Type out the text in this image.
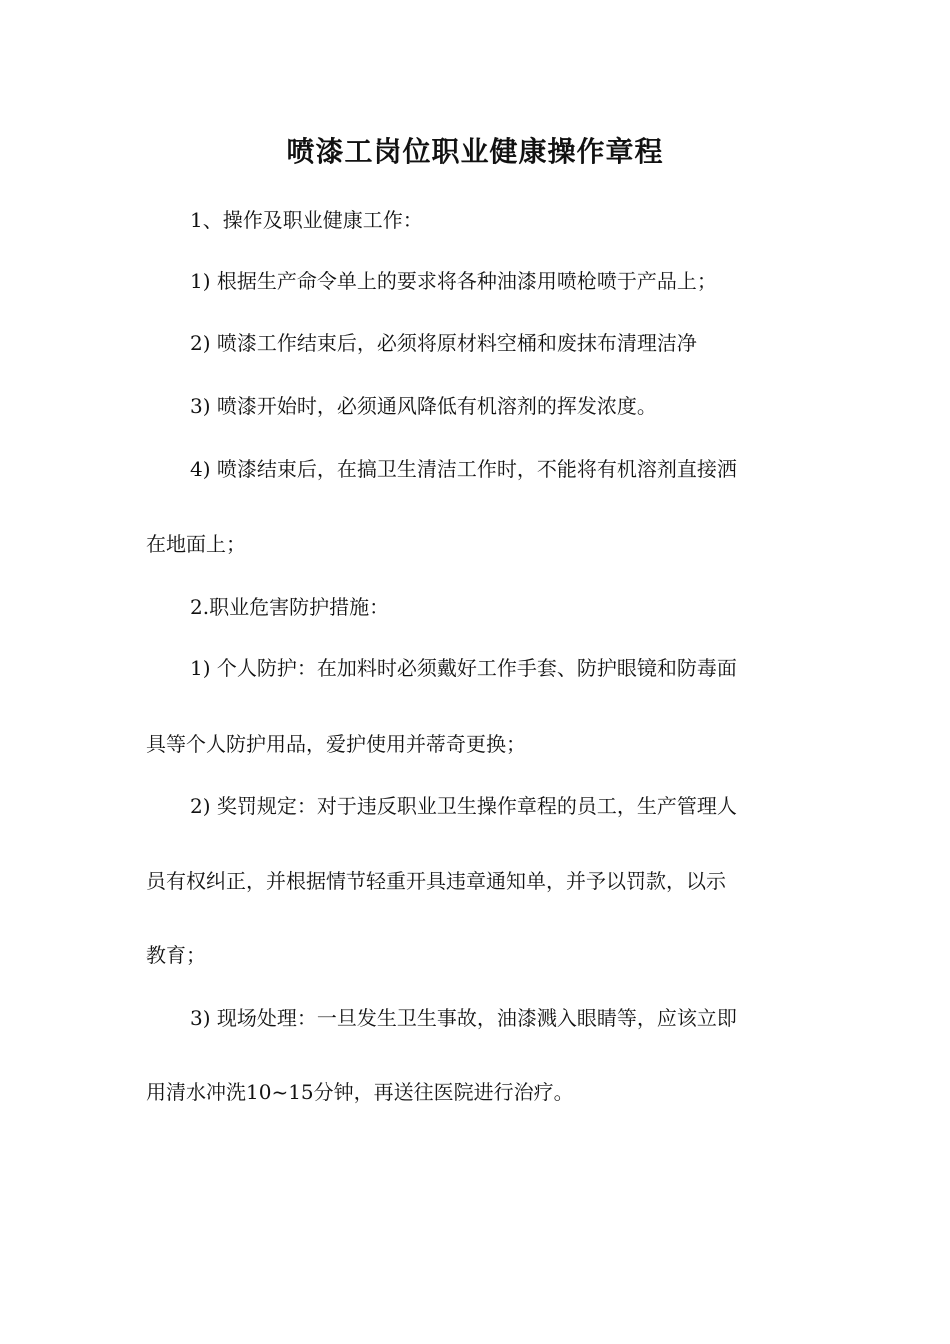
喷漆工岗位职业健康操作章程
1、操作及职业健康工作：
1) 根据生产命令单上的要求将各种油漆用喷枪喷于产品上；
2) 喷漆工作结束后，必须将原材料空桶和废抹布清理洁净
3) 喷漆开始时，必须通风降低有机溶剂的挥发浓度。
4) 喷漆结束后，在搞卫生清洁工作时，不能将有机溶剂直接洒
在地面上；
2.职业危害防护措施：
1) 个人防护：在加料时必须戴好工作手套、防护眼镜和防毒面
具等个人防护用品，爱护使用并蒂奇更换；
2) 奖罚规定：对于违反职业卫生操作章程的员工，生产管理人
员有权纠正，并根据情节轻重开具违章通知单，并予以罚款，以示
教育；
3) 现场处理：一旦发生卫生事故，油漆溅入眼睛等，应该立即
用清水冲洗10~15分钟，再送往医院进行治疗。
